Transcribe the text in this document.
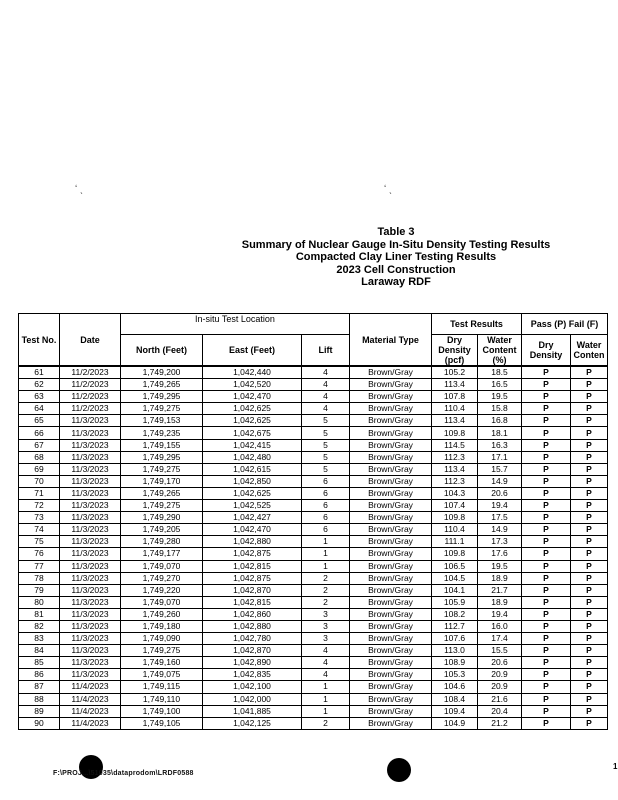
ʻ ˎ	ʻ ˎ
Table 3
Summary of Nuclear Gauge In-Situ Density Testing Results
Compacted Clay Liner Testing Results
2023 Cell Construction
Laraway RDF
Test No.	Date	In-situ Test Location			Material Type	Test Results		Pass (P) Fail (F)	
		North (Feet)	East (Feet)	Lift		Dry Density (pcf)	Water Content (%)	Dry Density	Water Conten
61	11/2/2023	1,749,200	1,042,440	4	Brown/Gray	105.2	18.5	P	P
62	11/2/2023	1,749,265	1,042,520	4	Brown/Gray	113.4	16.5	P	P
63	11/2/2023	1,749,295	1,042,470	4	Brown/Gray	107.8	19.5	P	P
64	11/2/2023	1,749,275	1,042,625	4	Brown/Gray	110.4	15.8	P	P
65	11/3/2023	1,749,153	1,042,625	5	Brown/Gray	113.4	16.8	P	P
66	11/3/2023	1,749,235	1,042,675	5	Brown/Gray	109.8	18.1	P	P
67	11/3/2023	1,749,155	1,042,415	5	Brown/Gray	114.5	16.3	P	P
68	11/3/2023	1,749,295	1,042,480	5	Brown/Gray	112.3	17.1	P	P
69	11/3/2023	1,749,275	1,042,615	5	Brown/Gray	113.4	15.7	P	P
70	11/3/2023	1,749,170	1,042,850	6	Brown/Gray	112.3	14.9	P	P
71	11/3/2023	1,749,265	1,042,625	6	Brown/Gray	104.3	20.6	P	P
72	11/3/2023	1,749,275	1,042,525	6	Brown/Gray	107.4	19.4	P	P
73	11/3/2023	1,749,290	1,042,427	6	Brown/Gray	109.8	17.5	P	P
74	11/3/2023	1,749,205	1,042,470	6	Brown/Gray	110.4	14.9	P	P
75	11/3/2023	1,749,280	1,042,880	1	Brown/Gray	111.1	17.3	P	P
76	11/3/2023	1,749,177	1,042,875	1	Brown/Gray	109.8	17.6	P	P
77	11/3/2023	1,749,070	1,042,815	1	Brown/Gray	106.5	19.5	P	P
78	11/3/2023	1,749,270	1,042,875	2	Brown/Gray	104.5	18.9	P	P
79	11/3/2023	1,749,220	1,042,870	2	Brown/Gray	104.1	21.7	P	P
80	11/3/2023	1,749,070	1,042,815	2	Brown/Gray	105.9	18.9	P	P
81	11/3/2023	1,749,260	1,042,860	3	Brown/Gray	108.2	19.4	P	P
82	11/3/2023	1,749,180	1,042,880	3	Brown/Gray	112.7	16.0	P	P
83	11/3/2023	1,749,090	1,042,780	3	Brown/Gray	107.6	17.4	P	P
84	11/3/2023	1,749,275	1,042,870	4	Brown/Gray	113.0	15.5	P	P
85	11/3/2023	1,749,160	1,042,890	4	Brown/Gray	108.9	20.6	P	P
86	11/3/2023	1,749,075	1,042,835	4	Brown/Gray	105.3	20.9	P	P
87	11/4/2023	1,749,115	1,042,100	1	Brown/Gray	104.6	20.9	P	P
88	11/4/2023	1,749,110	1,042,000	1	Brown/Gray	108.4	21.6	P	P
89	11/4/2023	1,749,100	1,041,885	1	Brown/Gray	109.4	20.4	P	P
90	11/4/2023	1,749,105	1,042,125	2	Brown/Gray	104.9	21.2	P	P
F:\PROJ...\51035\dataprodom\LRDF0588
1
